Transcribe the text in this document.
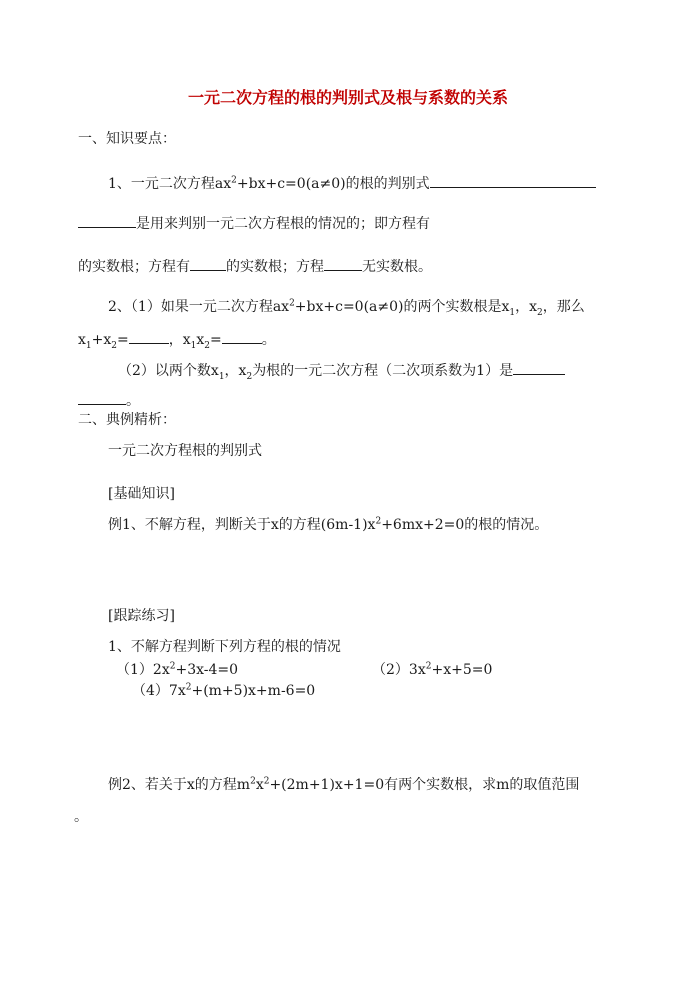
一元二次方程的根的判别式及根与系数的关系
一、知识要点：
1、一元二次方程$ax^2+bx+c=0(a\ne 0)$的根的判别式
是用来判别一元二次方程根的情况的；即方程有
的实数根；方程有	的实数根；方程	无实数根。
2、（1）如果一元二次方程$ax^2+bx+c=0(a\ne 0)$的两个实数根是$x_1$，$x_2$，那么
$x_1+x_2=$	，$x_1x_2=$	。
（2）以两个数$x_1$，$x_2$为根的一元二次方程（二次项系数为1）是
。
二、典例精析：
一元二次方程根的判别式
[基础知识]
例1、不解方程，判断关于x的方程$(6m-1)x^2+6mx+2=0$的根的情况。
[跟踪练习]
1、不解方程判断下列方程的根的情况
$(1)2x^2+3x-4=0$	$(2)3x^2+x+5=0$
$(4)7x^2+(m+5)x+m-6=0$
例2、若关于x的方程$m^2x^2+(2m+1)x+1=0$有两个实数根，求m的取值范围
。
